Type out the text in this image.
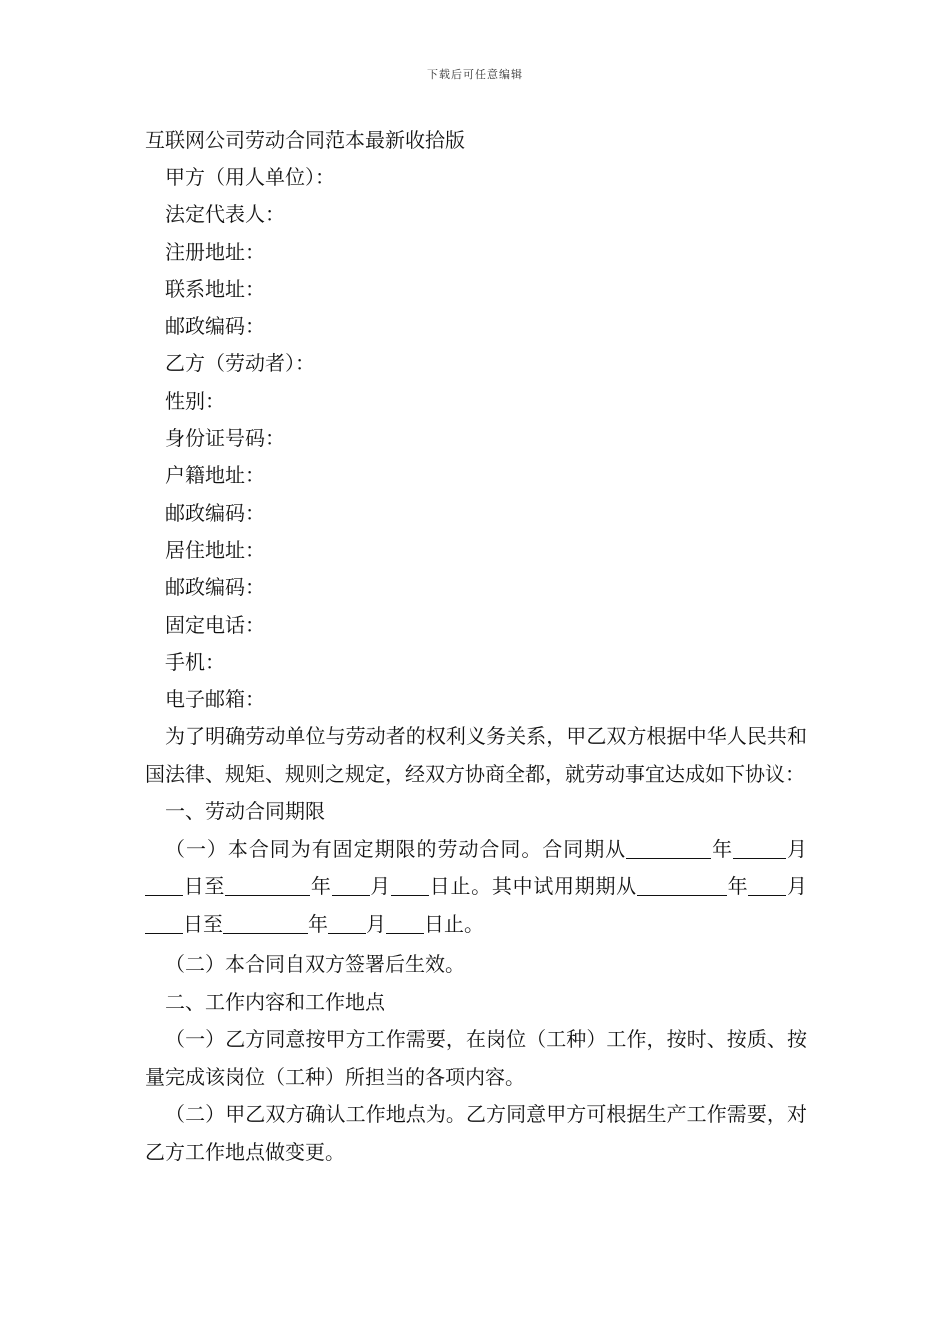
下载后可任意编辑
互联网公司劳动合同范本最新收拾版
甲方（用人单位）：
法定代表人：
注册地址：
联系地址：
邮政编码：
乙方（劳动者）：
性别：
身份证号码：
户籍地址：
邮政编码：
居住地址：
邮政编码：
固定电话：
手机：
电子邮箱：
为了明确劳动单位与劳动者的权利义务关系，甲乙双方根据中华人民共和国法律、规矩、规则之规定，经双方协商全都，就劳动事宜达成如下协议：
一、劳动合同期限
（一）本合同为有固定期限的劳动合同。合同期从	年	月日至	年 月 日止。其中试用期期从	年 月日至	年 月 日止。
（二）本合同自双方签署后生效。
二、工作内容和工作地点
（一）乙方同意按甲方工作需要，在岗位（工种）工作，按时、按质、按量完成该岗位（工种）所担当的各项内容。
（二）甲乙双方确认工作地点为。乙方同意甲方可根据生产工作需要，对乙方工作地点做变更。
